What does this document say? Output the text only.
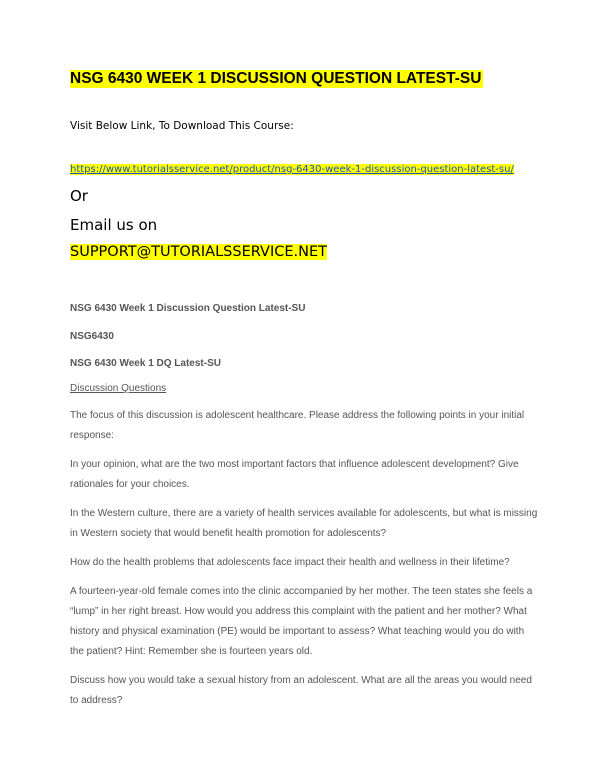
NSG 6430 WEEK 1 DISCUSSION QUESTION LATEST-SU
Visit Below Link, To Download This Course:
https://www.tutorialsservice.net/product/nsg-6430-week-1-discussion-question-latest-su/
Or
Email us on
SUPPORT@TUTORIALSSERVICE.NET

NSG 6430 Week 1 Discussion Question Latest-SU

NSG6430

NSG 6430 Week 1 DQ Latest-SU

Discussion Questions

The focus of this discussion is adolescent healthcare. Please address the following points in your initial response:

In your opinion, what are the two most important factors that influence adolescent development? Give rationales for your choices.

In the Western culture, there are a variety of health services available for adolescents, but what is missing in Western society that would benefit health promotion for adolescents?

How do the health problems that adolescents face impact their health and wellness in their lifetime?

A fourteen-year-old female comes into the clinic accompanied by her mother. The teen states she feels a “lump” in her right breast. How would you address this complaint with the patient and her mother? What history and physical examination (PE) would be important to assess? What teaching would you do with the patient? Hint: Remember she is fourteen years old.

Discuss how you would take a sexual history from an adolescent. What are all the areas you would need to address?
